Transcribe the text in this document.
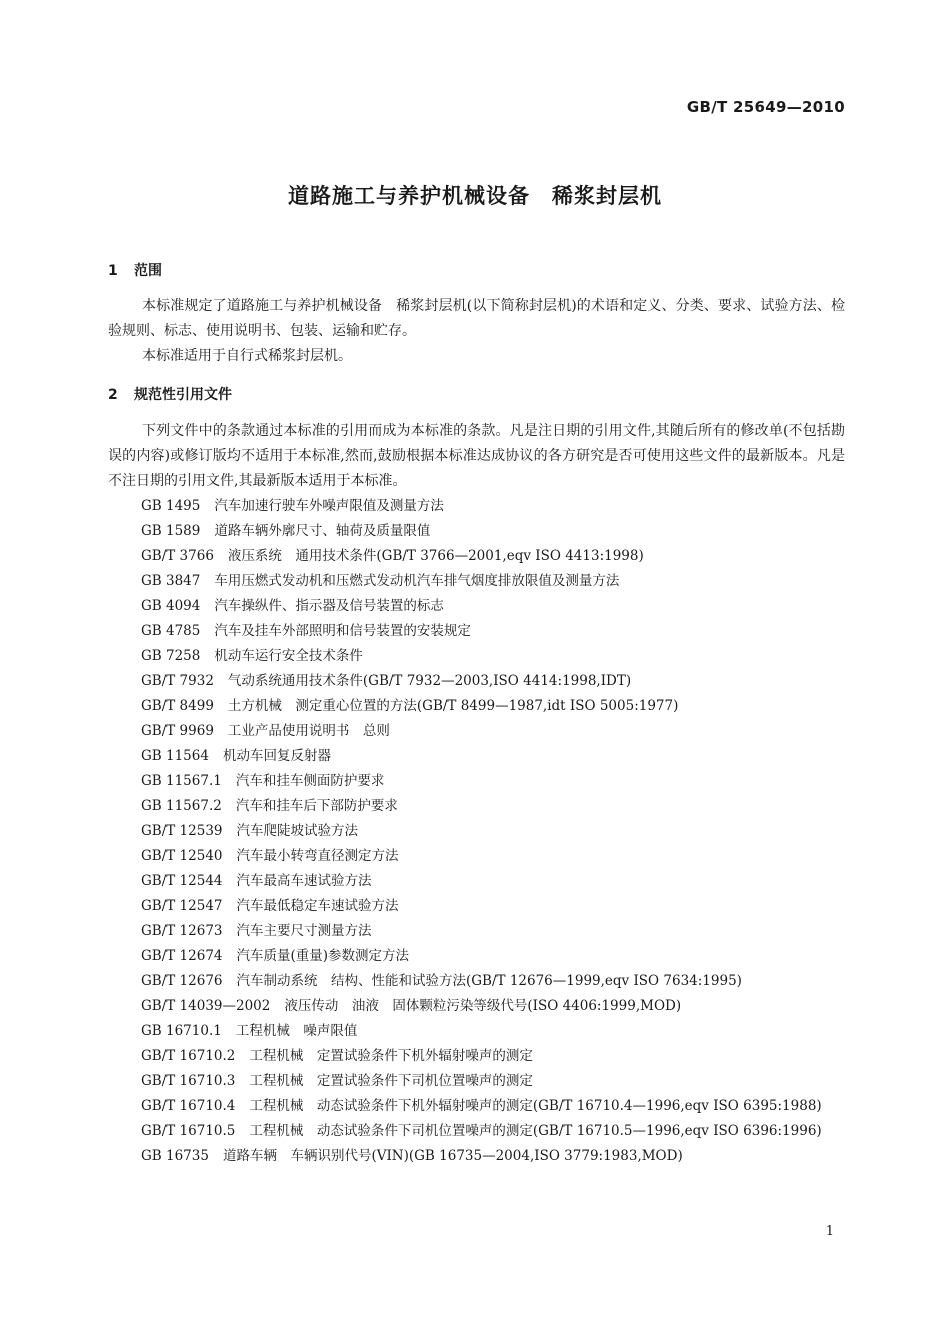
GB/T 25649—2010
道路施工与养护机械设备　稀浆封层机
1 范围
本标准规定了道路施工与养护机械设备　稀浆封层机(以下简称封层机)的术语和定义、分类、要求、试验方法、检验规则、标志、使用说明书、包装、运输和贮存。
本标准适用于自行式稀浆封层机。
2 规范性引用文件
下列文件中的条款通过本标准的引用而成为本标准的条款。凡是注日期的引用文件,其随后所有的修改单(不包括勘误的内容)或修订版均不适用于本标准,然而,鼓励根据本标准达成协议的各方研究是否可使用这些文件的最新版本。凡是不注日期的引用文件,其最新版本适用于本标准。
GB 1495 汽车加速行驶车外噪声限值及测量方法
GB 1589 道路车辆外廓尺寸、轴荷及质量限值
GB/T 3766 液压系统　通用技术条件(GB/T 3766—2001,eqv ISO 4413:1998)
GB 3847 车用压燃式发动机和压燃式发动机汽车排气烟度排放限值及测量方法
GB 4094 汽车操纵件、指示器及信号装置的标志
GB 4785 汽车及挂车外部照明和信号装置的安装规定
GB 7258 机动车运行安全技术条件
GB/T 7932 气动系统通用技术条件(GB/T 7932—2003,ISO 4414:1998,IDT)
GB/T 8499 土方机械　测定重心位置的方法(GB/T 8499—1987,idt ISO 5005:1977)
GB/T 9969 工业产品使用说明书　总则
GB 11564 机动车回复反射器
GB 11567.1 汽车和挂车侧面防护要求
GB 11567.2 汽车和挂车后下部防护要求
GB/T 12539 汽车爬陡坡试验方法
GB/T 12540 汽车最小转弯直径测定方法
GB/T 12544 汽车最高车速试验方法
GB/T 12547 汽车最低稳定车速试验方法
GB/T 12673 汽车主要尺寸测量方法
GB/T 12674 汽车质量(重量)参数测定方法
GB/T 12676 汽车制动系统　结构、性能和试验方法(GB/T 12676—1999,eqv ISO 7634:1995)
GB/T 14039—2002 液压传动　油液　固体颗粒污染等级代号(ISO 4406:1999,MOD)
GB 16710.1 工程机械　噪声限值
GB/T 16710.2 工程机械　定置试验条件下机外辐射噪声的测定
GB/T 16710.3 工程机械　定置试验条件下司机位置噪声的测定
GB/T 16710.4 工程机械　动态试验条件下机外辐射噪声的测定(GB/T 16710.4—1996,eqv ISO 6395:1988)
GB/T 16710.5 工程机械　动态试验条件下司机位置噪声的测定(GB/T 16710.5—1996,eqv ISO 6396:1996)
GB 16735 道路车辆　车辆识别代号(VIN)(GB 16735—2004,ISO 3779:1983,MOD)
1
